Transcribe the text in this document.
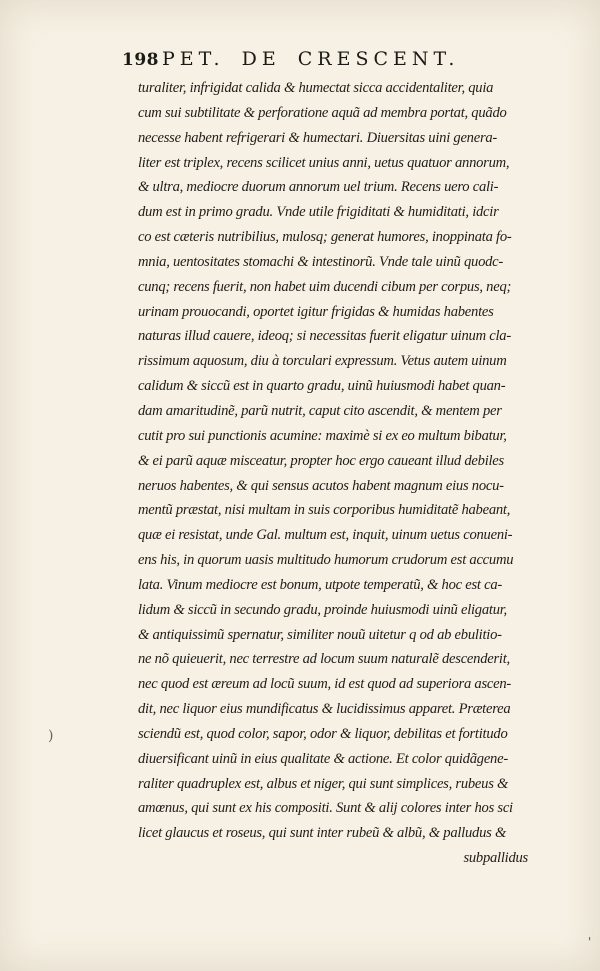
198 PET. DE CRESCENT.
turaliter, infrigidat calida & humectat sicca accidentaliter, quia
cum sui subtilitate & perforatione aquã ad membra portat, quãdo
necesse habent refrigerari & humectari. Diuersitas uini genera-
liter est triplex, recens scilicet unius anni, uetus quatuor annorum,
& ultra, mediocre duorum annorum uel trium. Recens uero cali-
dum est in primo gradu. Vnde utile frigiditati & humiditati, idcir
co est cæteris nutribilius, mulosq; generat humores, inoppinata fo-
mnia, uentositates stomachi & intestinorũ. Vnde tale uinũ quodc-
cunq; recens fuerit, non habet uim ducendi cibum per corpus, neq;
urinam prouocandi, oportet igitur frigidas & humidas habentes
naturas illud cauere, ideoq; si necessitas fuerit eligatur uinum cla-
rissimum aquosum, diu à torculari expressum. Vetus autem uinum
calidum & siccũ est in quarto gradu, uinũ huiusmodi habet quan-
dam amaritudinẽ, parũ nutrit, caput cito ascendit, & mentem per
cutit pro sui punctionis acumine: maximè si ex eo multum bibatur,
& ei parũ aquæ misceatur, propter hoc ergo caueant illud debiles
neruos habentes, & qui sensus acutos habent magnum eius nocu-
mentũ præstat, nisi multam in suis corporibus humiditatẽ habeant,
quæ ei resistat, unde Gal. multum est, inquit, uinum uetus conueni-
ens his, in quorum uasis multitudo humorum crudorum est accumu
lata. Vinum mediocre est bonum, utpote temperatũ, & hoc est ca-
lidum & siccũ in secundo gradu, proinde huiusmodi uinũ eligatur,
& antiquissimũ spernatur, similiter nouũ uitetur q od ab ebulitio-
ne nõ quieuerit, nec terrestre ad locum suum naturalẽ descenderit,
nec quod est æreum ad locũ suum, id est quod ad superiora ascen-
dit, nec liquor eius mundificatus & lucidissimus apparet. Præterea
sciendũ est, quod color, sapor, odor & liquor, debilitas et fortitudo
diuersificant uinũ in eius qualitate & actione. Et color quidãgene-
raliter quadruplex est, albus et niger, qui sunt simplices, rubeus &
amœnus, qui sunt ex his compositi. Sunt & alij colores inter hos sci
licet glaucus et roseus, qui sunt inter rubeũ & albũ, & palludus &
subpallidus
)
'
